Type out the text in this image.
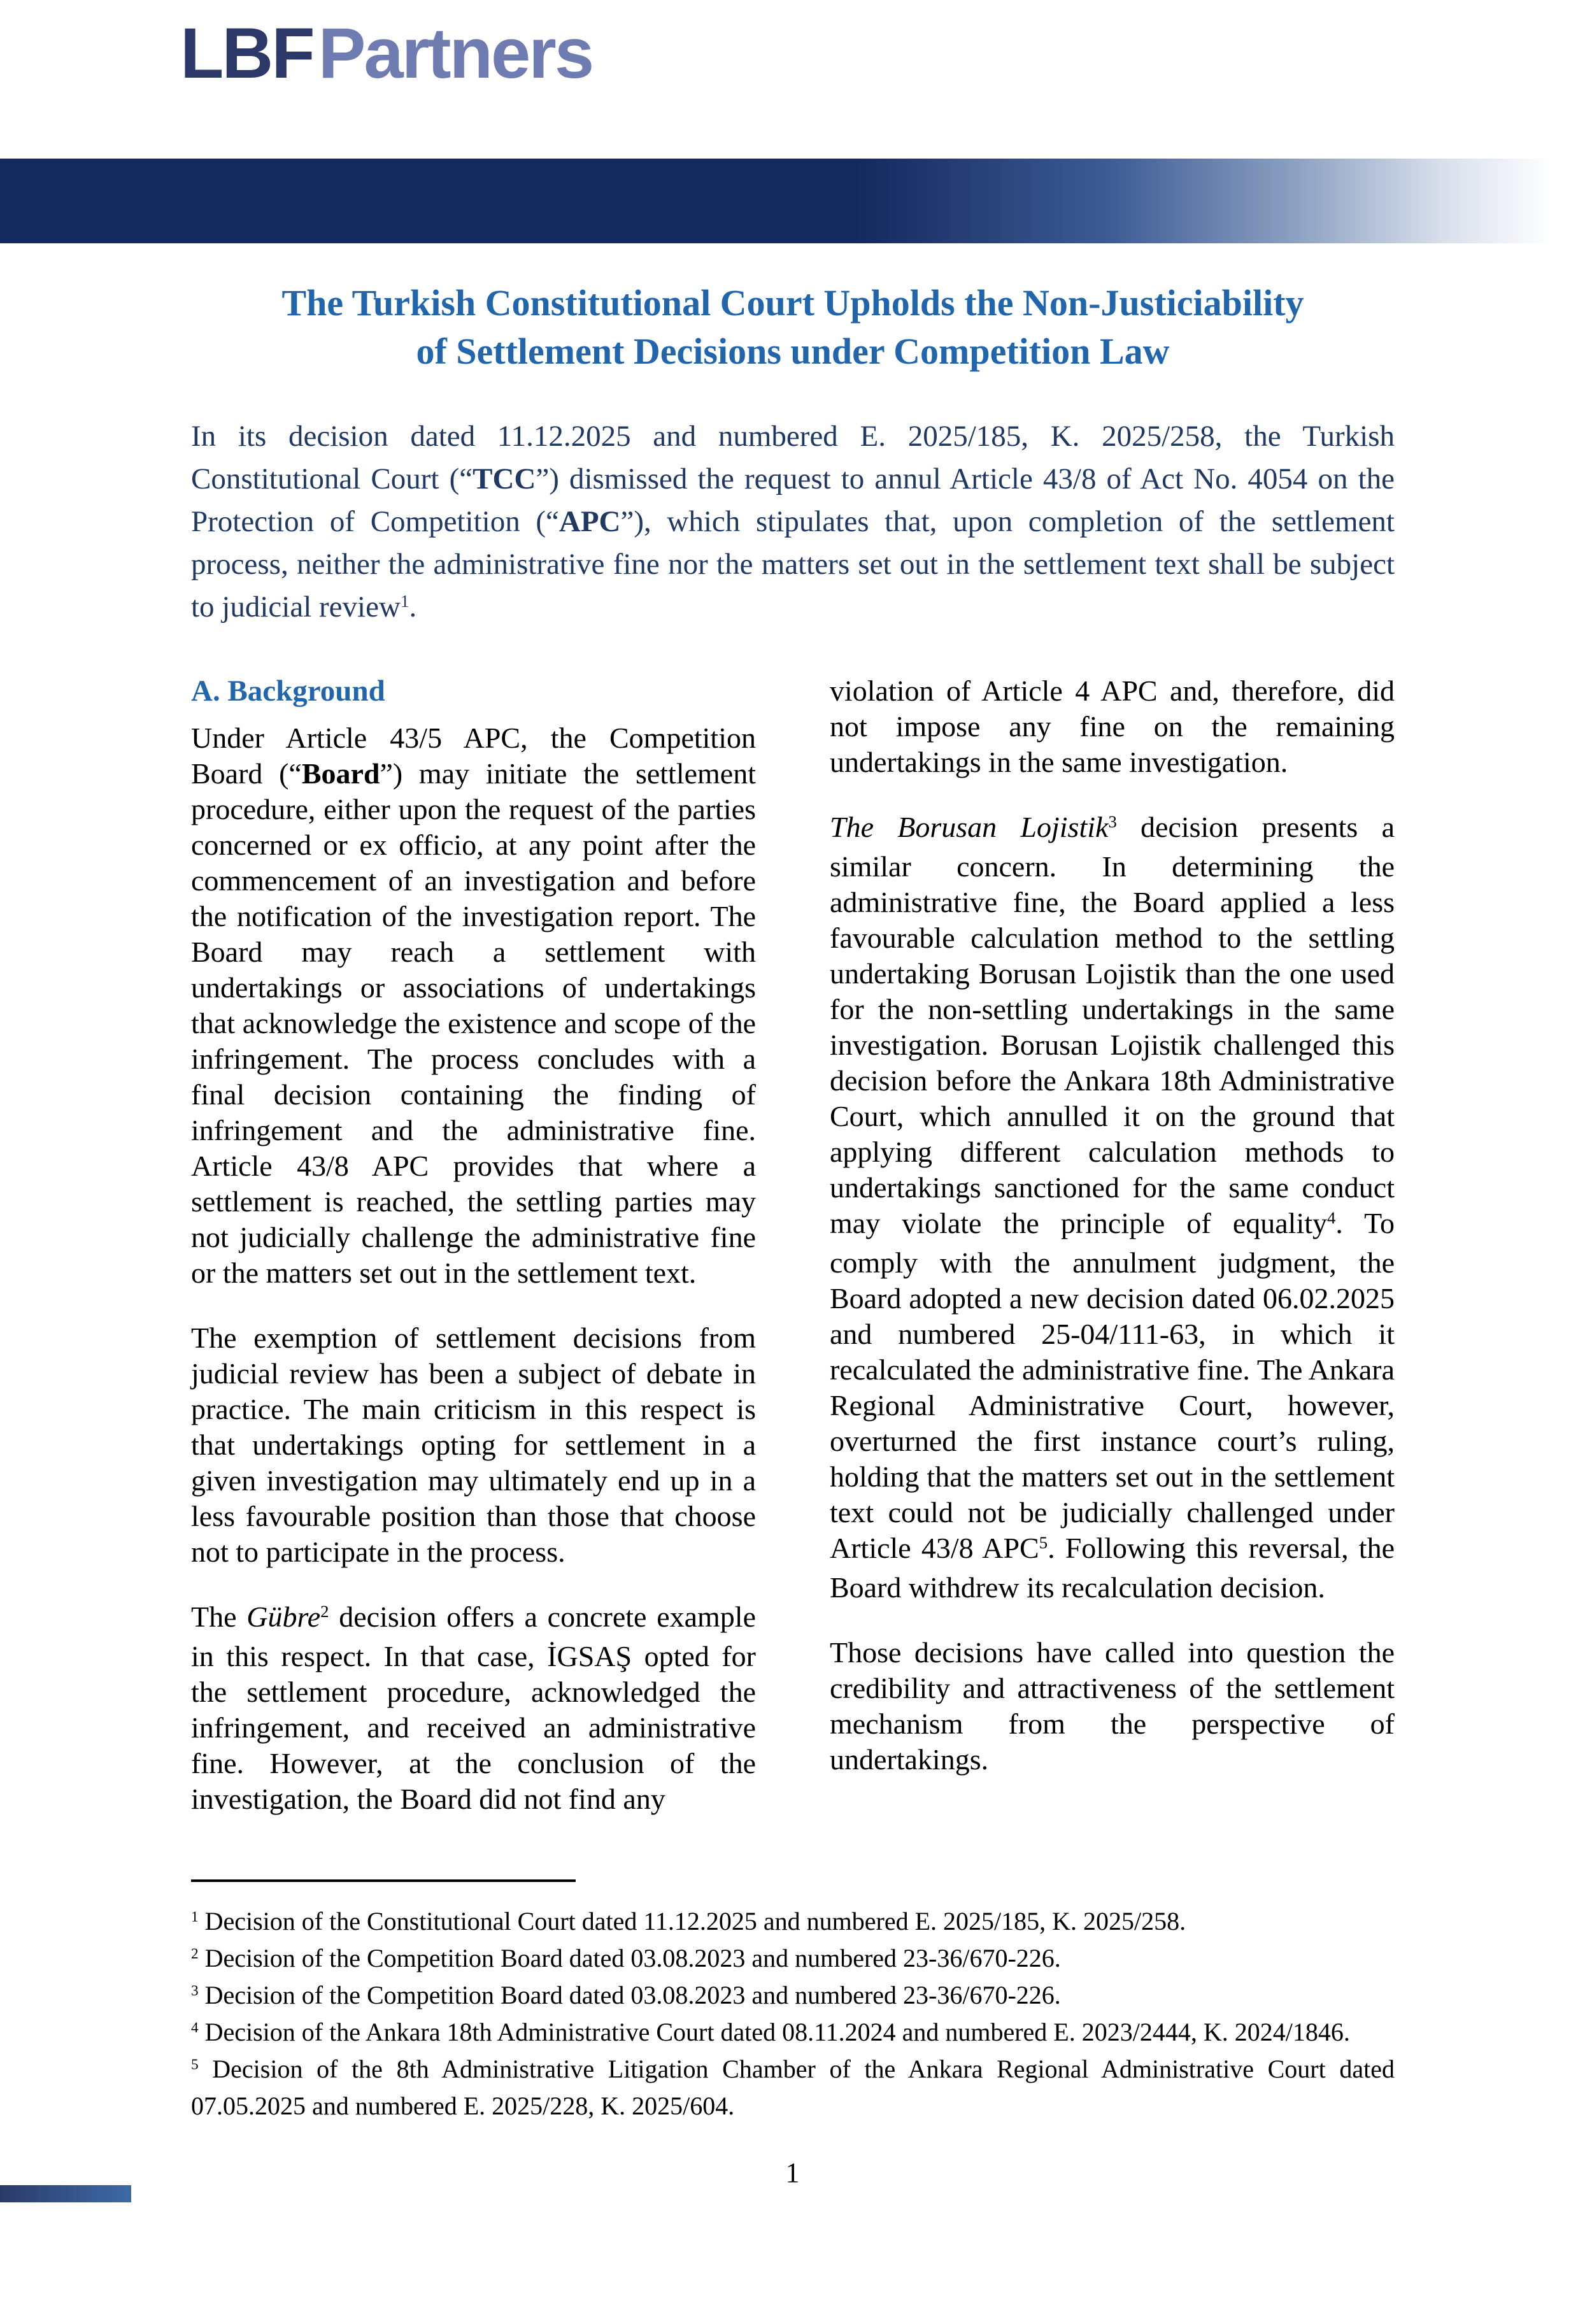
LBFPartners
The Turkish Constitutional Court Upholds the Non-Justiciability
of Settlement Decisions under Competition Law
In its decision dated 11.12.2025 and numbered E. 2025/185, K. 2025/258, the Turkish Constitutional Court (“TCC”) dismissed the request to annul Article 43/8 of Act No. 4054 on the Protection of Competition (“APC”), which stipulates that, upon completion of the settlement process, neither the administrative fine nor the matters set out in the settlement text shall be subject to judicial review$^1$.
A. Background

Under Article 43/5 APC, the Competition Board (“Board”) may initiate the settlement procedure, either upon the request of the parties concerned or ex officio, at any point after the commencement of an investigation and before the notification of the investigation report. The Board may reach a settlement with undertakings or associations of undertakings that acknowledge the existence and scope of the infringement. The process concludes with a final decision containing the finding of infringement and the administrative fine. Article 43/8 APC provides that where a settlement is reached, the settling parties may not judicially challenge the administrative fine or the matters set out in the settlement text.

The exemption of settlement decisions from judicial review has been a subject of debate in practice. The main criticism in this respect is that undertakings opting for settlement in a given investigation may ultimately end up in a less favourable position than those that choose not to participate in the process.

The Gübre$^2$ decision offers a concrete example in this respect. In that case, İGSAŞ opted for the settlement procedure, acknowledged the infringement, and received an administrative fine. However, at the conclusion of the investigation, the Board did not find any

violation of Article 4 APC and, therefore, did not impose any fine on the remaining undertakings in the same investigation.

The Borusan Lojistik$^3$ decision presents a similar concern. In determining the administrative fine, the Board applied a less favourable calculation method to the settling undertaking Borusan Lojistik than the one used for the non-settling undertakings in the same investigation. Borusan Lojistik challenged this decision before the Ankara 18th Administrative Court, which annulled it on the ground that applying different calculation methods to undertakings sanctioned for the same conduct may violate the principle of equality$^4$. To comply with the annulment judgment, the Board adopted a new decision dated 06.02.2025 and numbered 25-04/111-63, in which it recalculated the administrative fine. The Ankara Regional Administrative Court, however, overturned the first instance court’s ruling, holding that the matters set out in the settlement text could not be judicially challenged under Article 43/8 APC$^5$. Following this reversal, the Board withdrew its recalculation decision.

Those decisions have called into question the credibility and attractiveness of the settlement mechanism from the perspective of undertakings.

$^1$ Decision of the Constitutional Court dated 11.12.2025 and numbered E. 2025/185, K. 2025/258.
$^2$ Decision of the Competition Board dated 03.08.2023 and numbered 23-36/670-226.
$^3$ Decision of the Competition Board dated 03.08.2023 and numbered 23-36/670-226.
$^4$ Decision of the Ankara 18th Administrative Court dated 08.11.2024 and numbered E. 2023/2444, K. 2024/1846.
$^5$ Decision of the 8th Administrative Litigation Chamber of the Ankara Regional Administrative Court dated 07.05.2025 and numbered E. 2025/228, K. 2025/604.
1
